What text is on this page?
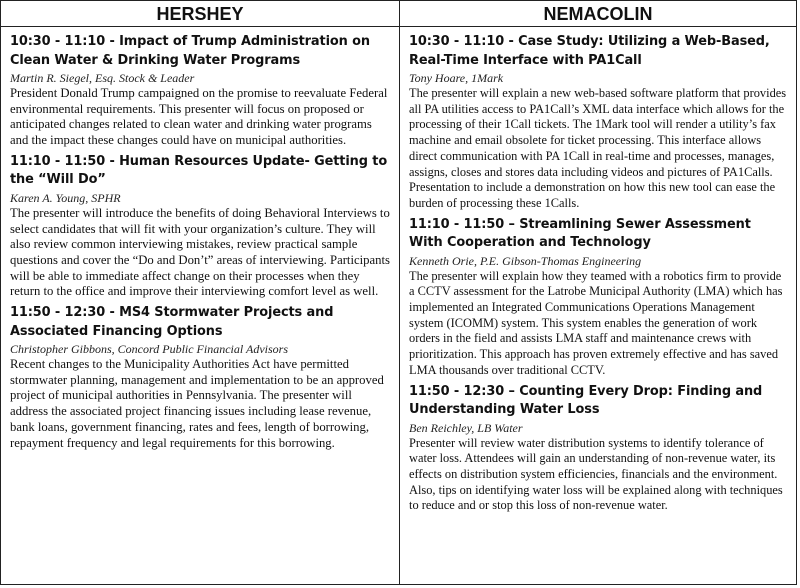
HERSHEY	NEMACOLIN
10:30 - 11:10 - Impact of Trump Administration on Clean Water & Drinking Water Programs
Martin R. Siegel, Esq. Stock & Leader
President Donald Trump campaigned on the promise to reevaluate Federal environmental requirements. This presenter will focus on proposed or anticipated changes related to clean water and drinking water programs and the impact these changes could have on municipal authorities.
11:10 - 11:50 - Human Resources Update- Getting to the “Will Do”
Karen A. Young, SPHR
The presenter will introduce the benefits of doing Behavioral Interviews to select candidates that will fit with your organization’s culture. They will also review common interviewing mistakes, review practical sample questions and cover the “Do and Don’t” areas of interviewing. Participants will be able to immediate affect change on their processes when they return to the office and improve their interviewing comfort level as well.
11:50 - 12:30 - MS4 Stormwater Projects and Associated Financing Options
Christopher Gibbons, Concord Public Financial Advisors
Recent changes to the Municipality Authorities Act have permitted stormwater planning, management and implementation to be an approved project of municipal authorities in Pennsylvania. The presenter will address the associated project financing issues including lease revenue, bank loans, government financing, rates and fees, length of borrowing, repayment frequency and legal requirements for this borrowing.
10:30 - 11:10 - Case Study: Utilizing a Web-Based, Real-Time Interface with PA1Call
Tony Hoare, 1Mark
The presenter will explain a new web-based software platform that provides all PA utilities access to PA1Call’s XML data interface which allows for the processing of their 1Call tickets. The 1Mark tool will render a utility’s fax machine and email obsolete for ticket processing. This interface allows direct communication with PA 1Call in real-time and processes, manages, assigns, closes and stores data including videos and pictures of PA1Calls. Presentation to include a demonstration on how this new tool can ease the burden of processing these 1Calls.
11:10 - 11:50 – Streamlining Sewer Assessment With Cooperation and Technology
Kenneth Orie, P.E. Gibson-Thomas Engineering
The presenter will explain how they teamed with a robotics firm to provide a CCTV assessment for the Latrobe Municipal Authority (LMA) which has implemented an Integrated Communications Operations Management system (ICOMM) system. This system enables the generation of work orders in the field and assists LMA staff and maintenance crews with prioritization. This approach has proven extremely effective and has saved LMA thousands over traditional CCTV.
11:50 - 12:30 – Counting Every Drop: Finding and Understanding Water Loss
Ben Reichley, LB Water
Presenter will review water distribution systems to identify tolerance of water loss. Attendees will gain an understanding of non-revenue water, its effects on distribution system efficiencies, financials and the environment. Also, tips on identifying water loss will be explained along with techniques to reduce and or stop this loss of non-revenue water.
